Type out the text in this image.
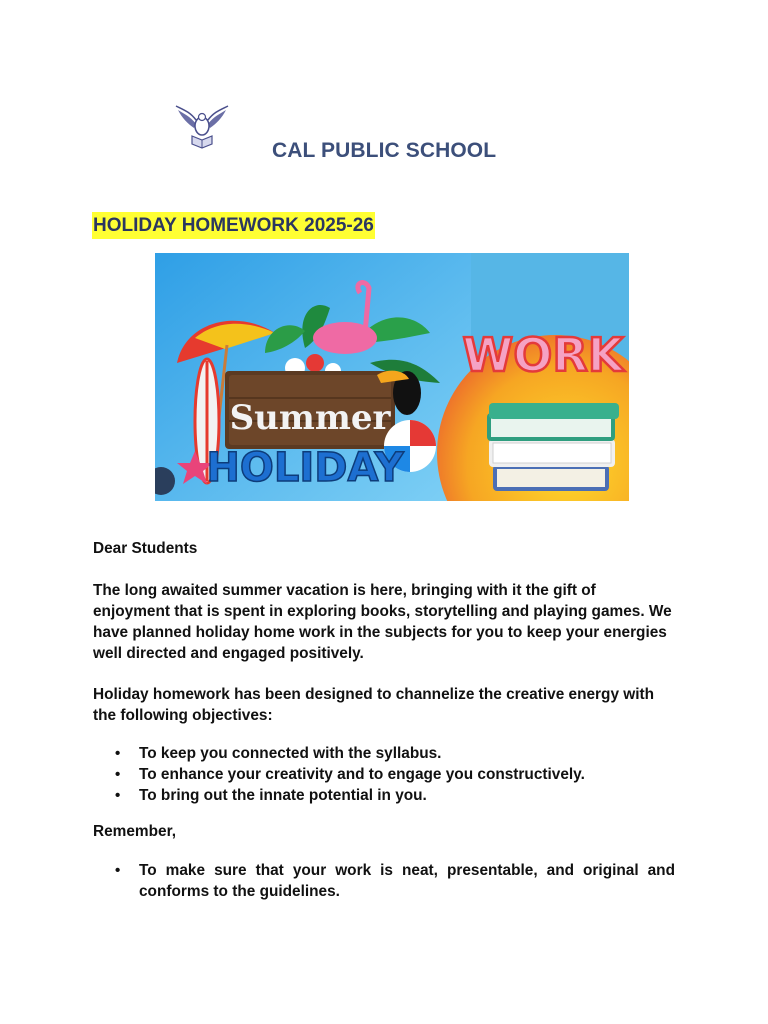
CAL PUBLIC SCHOOL
HOLIDAY HOMEWORK 2025-26
Summer
HOLIDAY
WORK
Dear Students
The long awaited summer vacation is here, bringing with it the gift of enjoyment that is spent in exploring books, storytelling and playing games. We have planned holiday home work in the subjects for you to keep your energies well directed and engaged positively.
Holiday homework has been designed to channelize the creative energy with the following objectives:
• To keep you connected with the syllabus.
• To enhance your creativity and to engage you constructively.
• To bring out the innate potential in you.
Remember,
• To make sure that your work is neat, presentable, and original and conforms to the guidelines.
